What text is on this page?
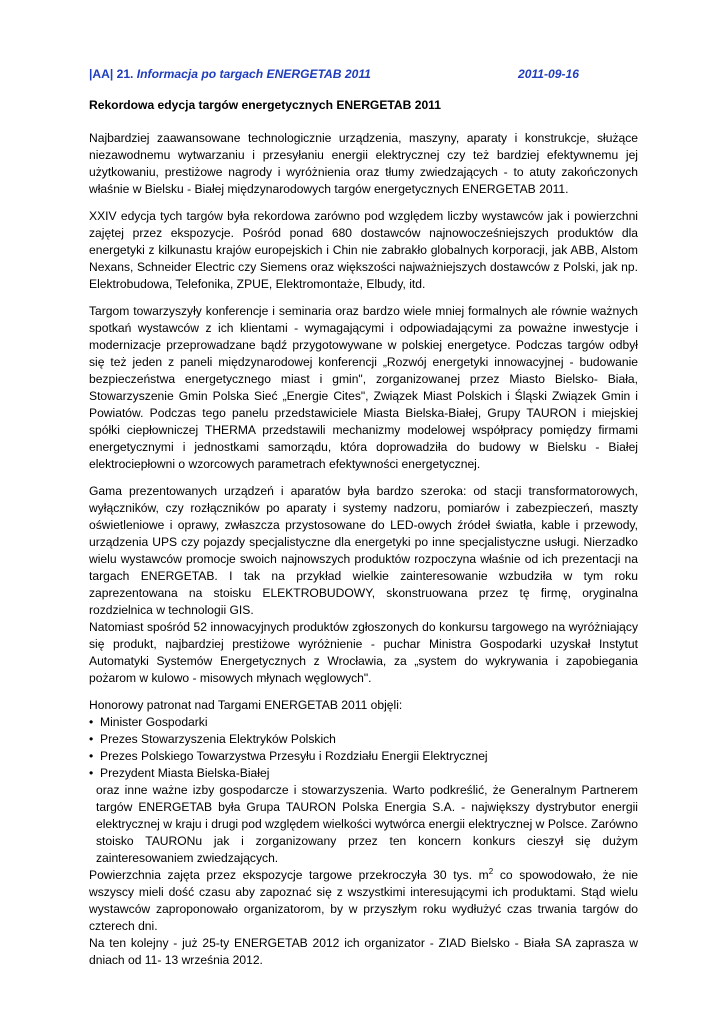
|AA| 21. Informacja po targach ENERGETAB 2011	2011-09-16
Rekordowa edycja targów energetycznych ENERGETAB 2011

Najbardziej zaawansowane technologicznie urządzenia, maszyny, aparaty i konstrukcje, służące niezawodnemu wytwarzaniu i przesyłaniu energii elektrycznej czy też bardziej efektywnemu jej użytkowaniu, prestiżowe nagrody i wyróżnienia oraz tłumy zwiedzających - to atuty zakończonych właśnie w Bielsku - Białej międzynarodowych targów energetycznych ENERGETAB 2011.

XXIV edycja tych targów była rekordowa zarówno pod względem liczby wystawców jak i powierzchni zajętej przez ekspozycje. Pośród ponad 680 dostawców najnowocześniejszych produktów dla energetyki z kilkunastu krajów europejskich i Chin nie zabrakło globalnych korporacji, jak ABB, Alstom Nexans, Schneider Electric czy Siemens oraz większości najważniejszych dostawców z Polski, jak np. Elektrobudowa, Telefonika, ZPUE, Elektromontaże, Elbudy, itd.

Targom towarzyszyły konferencje i seminaria oraz bardzo wiele mniej formalnych ale równie ważnych spotkań wystawców z ich klientami - wymagającymi i odpowiadającymi za poważne inwestycje i modernizacje przeprowadzane bądź przygotowywane w polskiej energetyce. Podczas targów odbył się też jeden z paneli międzynarodowej konferencji „Rozwój energetyki innowacyjnej - budowanie bezpieczeństwa energetycznego miast i gmin", zorganizowanej przez Miasto Bielsko- Biała, Stowarzyszenie Gmin Polska Sieć „Energie Cites", Związek Miast Polskich i Śląski Związek Gmin i Powiatów. Podczas tego panelu przedstawiciele Miasta Bielska-Białej, Grupy TAURON i miejskiej spółki ciepłowniczej THERMA przedstawili mechanizmy modelowej współpracy pomiędzy firmami energetycznymi i jednostkami samorządu, która doprowadziła do budowy w Bielsku - Białej elektrociepłowni o wzorcowych parametrach efektywności energetycznej.

Gama prezentowanych urządzeń i aparatów była bardzo szeroka: od stacji transformatorowych, wyłączników, czy rozłączników po aparaty i systemy nadzoru, pomiarów i zabezpieczeń, maszty oświetleniowe i oprawy, zwłaszcza przystosowane do LED-owych źródeł światła, kable i przewody, urządzenia UPS czy pojazdy specjalistyczne dla energetyki po inne specjalistyczne usługi. Nierzadko wielu wystawców promocje swoich najnowszych produktów rozpoczyna właśnie od ich prezentacji na targach ENERGETAB. I tak na przykład wielkie zainteresowanie wzbudziła w tym roku zaprezentowana na stoisku ELEKTROBUDOWY, skonstruowana przez tę firmę, oryginalna rozdzielnica w technologii GIS.

Natomiast spośród 52 innowacyjnych produktów zgłoszonych do konkursu targowego na wyróżniający się produkt, najbardziej prestiżowe wyróżnienie - puchar Ministra Gospodarki uzyskał Instytut Automatyki Systemów Energetycznych z Wrocławia, za „system do wykrywania i zapobiegania pożarom w kulowo - misowych młynach węglowych".

Honorowy patronat nad Targami ENERGETAB 2011 objęli:

• Minister Gospodarki
• Prezes Stowarzyszenia Elektryków Polskich
• Prezes Polskiego Towarzystwa Przesyłu i Rozdziału Energii Elektrycznej
• Prezydent Miasta Bielska-Białej

oraz inne ważne izby gospodarcze i stowarzyszenia. Warto podkreślić, że Generalnym Partnerem targów ENERGETAB była Grupa TAURON Polska Energia S.A. - największy dystrybutor energii elektrycznej w kraju i drugi pod względem wielkości wytwórca energii elektrycznej w Polsce. Zarówno stoisko TAURONu jak i zorganizowany przez ten koncern konkurs cieszył się dużym zainteresowaniem zwiedzających.

Powierzchnia zajęta przez ekspozycje targowe przekroczyła 30 tys. $m^2$ co spowodowało, że nie wszyscy mieli dość czasu aby zapoznać się z wszystkimi interesującymi ich produktami. Stąd wielu wystawców zaproponowało organizatorom, by w przyszłym roku wydłużyć czas trwania targów do czterech dni.

Na ten kolejny - już 25-ty ENERGETAB 2012 ich organizator - ZIAD Bielsko - Biała SA zaprasza w dniach od 11- 13 września 2012.
